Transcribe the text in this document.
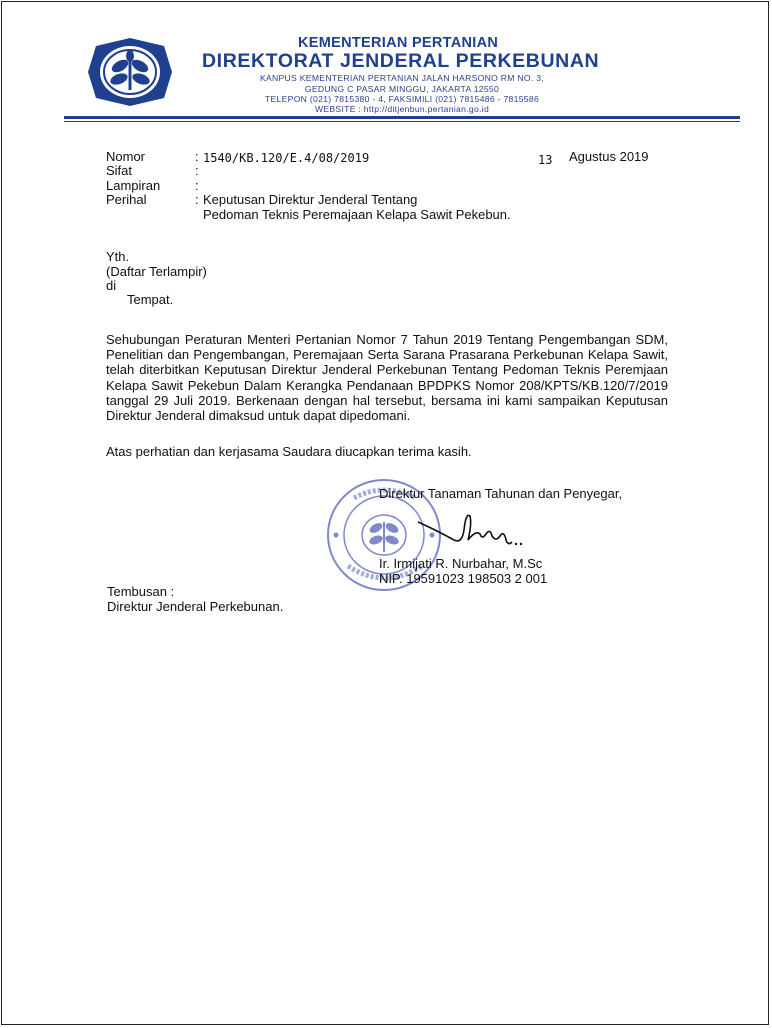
KEMENTERIAN PERTANIAN
DIREKTORAT JENDERAL PERKEBUNAN
KANPUS KEMENTERIAN PERTANIAN JALAN HARSONO RM NO. 3,
GEDUNG C PASAR MINGGU, JAKARTA 12550
TELEPON (021) 7815380 - 4, FAKSIMILI (021) 7815486 - 7815586
WEBSITE : http://ditjenbun.pertanian.go.id
Nomor	: 1540/KB.120/E.4/08/2019	13 Agustus 2019
Sifat	:
Lampiran	:
Perihal	: Keputusan Direktur Jenderal Tentang
Pedoman Teknis Peremajaan Kelapa Sawit Pekebun.
Yth.
(Daftar Terlampir)
di
Tempat.
Sehubungan Peraturan Menteri Pertanian Nomor 7 Tahun 2019 Tentang Pengembangan SDM, Penelitian dan Pengembangan, Peremajaan Serta Sarana Prasarana Perkebunan Kelapa Sawit, telah diterbitkan Keputusan Direktur Jenderal Perkebunan Tentang Pedoman Teknis Peremjaan Kelapa Sawit Pekebun Dalam Kerangka Pendanaan BPDPKS Nomor 208/KPTS/KB.120/7/2019 tanggal 29 Juli 2019. Berkenaan dengan hal tersebut, bersama ini kami sampaikan Keputusan Direktur Jenderal dimaksud untuk dapat dipedomani.
Atas perhatian dan kerjasama Saudara diucapkan terima kasih.
Direktur Tanaman Tahunan dan Penyegar,
Ir. Irmijati R. Nurbahar, M.Sc
NIP. 19591023 198503 2 001
Tembusan :
Direktur Jenderal Perkebunan.
